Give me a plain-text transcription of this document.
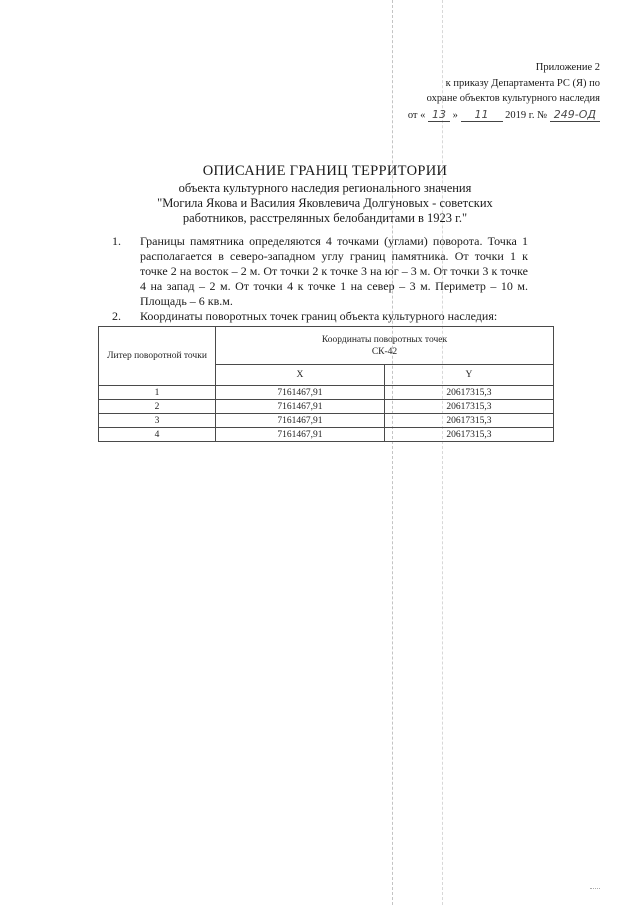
Приложение 2
к приказу Департамента РС (Я) по
охране объектов культурного наследия
от « 13 » 11 2019 г. № 249-ОД
ОПИСАНИЕ ГРАНИЦ ТЕРРИТОРИИ

объекта культурного наследия регионального значения

"Могила Якова и Василия Яковлевича Долгуновых - советских

работников, расстрелянных белобандитами в 1923 г."

1. Границы памятника определяются 4 точками (углами) поворота. Точка 1 располагается в северо-западном углу границ памятника. От точки 1 к точке 2 на восток – 2 м. От точки 2 к точке 3 на юг – 3 м. От точки 3 к точке 4 на запад – 2 м. От точки 4 к точке 1 на север – 3 м. Периметр – 10 м. Площадь – 6 кв.м.
2. Координаты поворотных точек границ объекта культурного наследия:
Литер поворотной точки	Координаты поворотных точек
СК-42	
	X	Y
1	7161467,91	20617315,3
2	7161467,91	20617315,3
3	7161467,91	20617315,3
4	7161467,91	20617315,3
